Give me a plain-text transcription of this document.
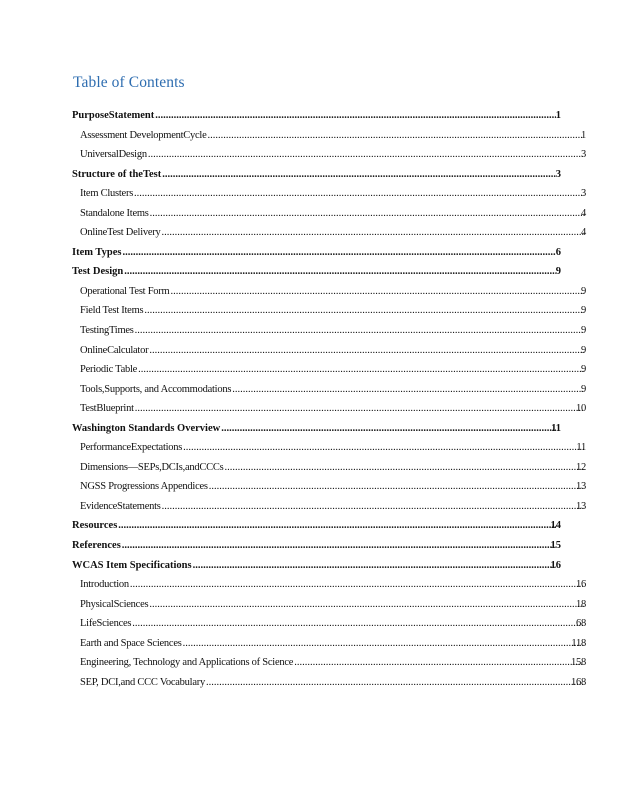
Table of Contents
PurposeStatement .....	1
Assessment DevelopmentCycle .....	1
UniversalDesign .....	3
Structure of theTest .....	3
Item Clusters .....	3
Standalone Items .....	4
OnlineTest Delivery .....	4
Item Types .....	6
Test Design .....	9
Operational Test Form .....	9
Field Test Items .....	9
TestingTimes .....	9
OnlineCalculator .....	9
Periodic Table .....	9
Tools,Supports, and Accommodations .....	9
TestBlueprint .....	10
Washington Standards Overview .....	11
PerformanceExpectations .....	11
Dimensions—SEPs,DCIs,andCCCs .....	12
NGSS Progressions Appendices .....	13
EvidenceStatements .....	13
Resources .....	14
References .....	15
WCAS Item Specifications .....	16
Introduction .....	16
PhysicalSciences .....	18
LifeSciences .....	68
Earth and Space Sciences .....	118
Engineering, Technology and Applications of Science .....	158
SEP, DCI,and CCC Vocabulary .....	168
